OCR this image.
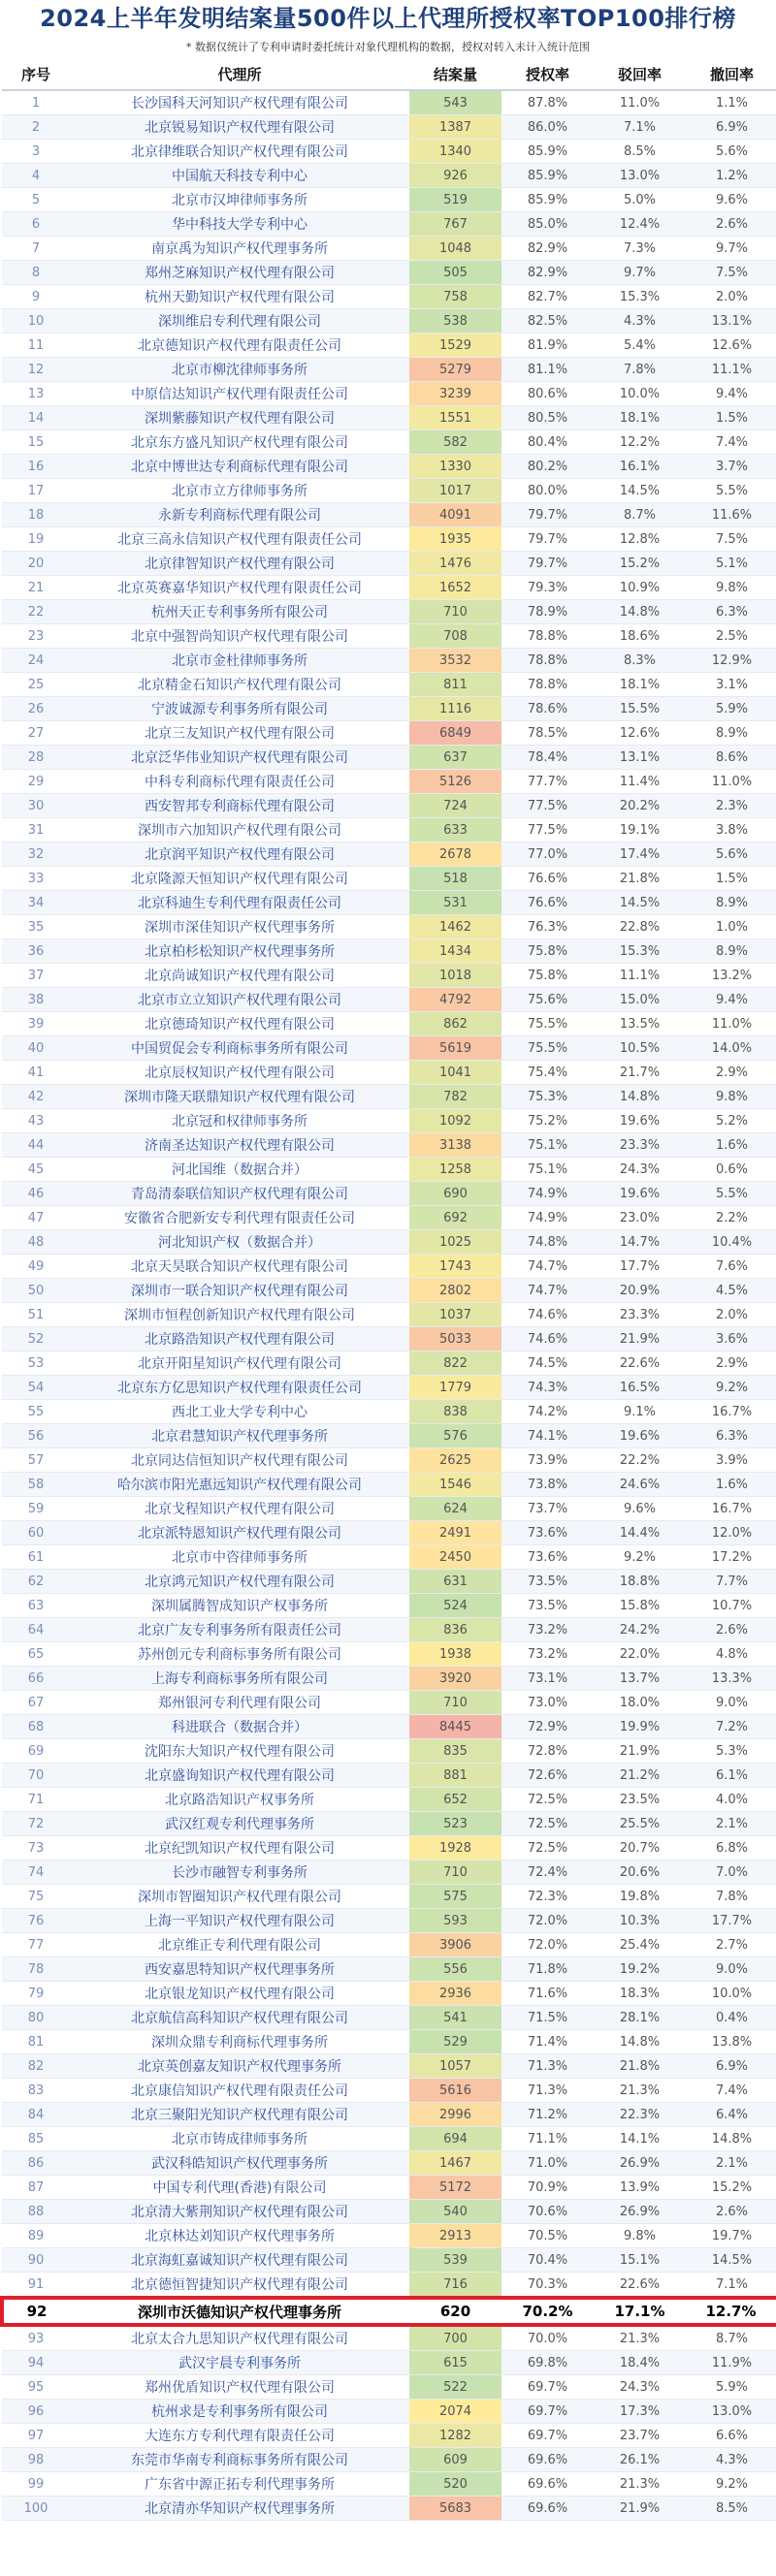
2024上半年发明结案量500件以上代理所授权率TOP100排行榜
* 数据仅统计了专利申请时委托统计对象代理机构的数据，授权对转入未计入统计范围
序号	代理所	结案量	授权率	驳回率	撤回率
1	长沙国科天河知识产权代理有限公司	543	87.8%	11.0%	1.1%
2	北京锐易知识产权代理有限公司	1387	86.0%	7.1%	6.9%
3	北京律维联合知识产权代理有限公司	1340	85.9%	8.5%	5.6%
4	中国航天科技专利中心	926	85.9%	13.0%	1.2%
5	北京市汉坤律师事务所	519	85.9%	5.0%	9.6%
6	华中科技大学专利中心	767	85.0%	12.4%	2.6%
7	南京禹为知识产权代理事务所	1048	82.9%	7.3%	9.7%
8	郑州芝麻知识产权代理有限公司	505	82.9%	9.7%	7.5%
9	杭州天勤知识产权代理有限公司	758	82.7%	15.3%	2.0%
10	深圳维启专利代理有限公司	538	82.5%	4.3%	13.1%
11	北京德知识产权代理有限责任公司	1529	81.9%	5.4%	12.6%
12	北京市柳沈律师事务所	5279	81.1%	7.8%	11.1%
13	中原信达知识产权代理有限责任公司	3239	80.6%	10.0%	9.4%
14	深圳紫藤知识产权代理有限公司	1551	80.5%	18.1%	1.5%
15	北京东方盛凡知识产权代理有限公司	582	80.4%	12.2%	7.4%
16	北京中博世达专利商标代理有限公司	1330	80.2%	16.1%	3.7%
17	北京市立方律师事务所	1017	80.0%	14.5%	5.5%
18	永新专利商标代理有限公司	4091	79.7%	8.7%	11.6%
19	北京三高永信知识产权代理有限责任公司	1935	79.7%	12.8%	7.5%
20	北京律智知识产权代理有限公司	1476	79.7%	15.2%	5.1%
21	北京英赛嘉华知识产权代理有限责任公司	1652	79.3%	10.9%	9.8%
22	杭州天正专利事务所有限公司	710	78.9%	14.8%	6.3%
23	北京中强智尚知识产权代理有限公司	708	78.8%	18.6%	2.5%
24	北京市金杜律师事务所	3532	78.8%	8.3%	12.9%
25	北京精金石知识产权代理有限公司	811	78.8%	18.1%	3.1%
26	宁波诚源专利事务所有限公司	1116	78.6%	15.5%	5.9%
27	北京三友知识产权代理有限公司	6849	78.5%	12.6%	8.9%
28	北京泛华伟业知识产权代理有限公司	637	78.4%	13.1%	8.6%
29	中科专利商标代理有限责任公司	5126	77.7%	11.4%	11.0%
30	西安智邦专利商标代理有限公司	724	77.5%	20.2%	2.3%
31	深圳市六加知识产权代理有限公司	633	77.5%	19.1%	3.8%
32	北京润平知识产权代理有限公司	2678	77.0%	17.4%	5.6%
33	北京隆源天恒知识产权代理有限公司	518	76.6%	21.8%	1.5%
34	北京科迪生专利代理有限责任公司	531	76.6%	14.5%	8.9%
35	深圳市深佳知识产权代理事务所	1462	76.3%	22.8%	1.0%
36	北京柏杉松知识产权代理事务所	1434	75.8%	15.3%	8.9%
37	北京尚诚知识产权代理有限公司	1018	75.8%	11.1%	13.2%
38	北京市立立知识产权代理有限公司	4792	75.6%	15.0%	9.4%
39	北京德琦知识产权代理有限公司	862	75.5%	13.5%	11.0%
40	中国贸促会专利商标事务所有限公司	5619	75.5%	10.5%	14.0%
41	北京辰权知识产权代理有限公司	1041	75.4%	21.7%	2.9%
42	深圳市隆天联鼎知识产权代理有限公司	782	75.3%	14.8%	9.8%
43	北京冠和权律师事务所	1092	75.2%	19.6%	5.2%
44	济南圣达知识产权代理有限公司	3138	75.1%	23.3%	1.6%
45	河北国维（数据合并）	1258	75.1%	24.3%	0.6%
46	青岛清泰联信知识产权代理有限公司	690	74.9%	19.6%	5.5%
47	安徽省合肥新安专利代理有限责任公司	692	74.9%	23.0%	2.2%
48	河北知识产权（数据合并）	1025	74.8%	14.7%	10.4%
49	北京天昊联合知识产权代理有限公司	1743	74.7%	17.7%	7.6%
50	深圳市一联合知识产权代理有限公司	2802	74.7%	20.9%	4.5%
51	深圳市恒程创新知识产权代理有限公司	1037	74.6%	23.3%	2.0%
52	北京路浩知识产权代理有限公司	5033	74.6%	21.9%	3.6%
53	北京开阳星知识产权代理有限公司	822	74.5%	22.6%	2.9%
54	北京东方亿思知识产权代理有限责任公司	1779	74.3%	16.5%	9.2%
55	西北工业大学专利中心	838	74.2%	9.1%	16.7%
56	北京君慧知识产权代理事务所	576	74.1%	19.6%	6.3%
57	北京同达信恒知识产权代理有限公司	2625	73.9%	22.2%	3.9%
58	哈尔滨市阳光惠远知识产权代理有限公司	1546	73.8%	24.6%	1.6%
59	北京戈程知识产权代理有限公司	624	73.7%	9.6%	16.7%
60	北京派特恩知识产权代理有限公司	2491	73.6%	14.4%	12.0%
61	北京市中咨律师事务所	2450	73.6%	9.2%	17.2%
62	北京鸿元知识产权代理有限公司	631	73.5%	18.8%	7.7%
63	深圳属腾智成知识产权事务所	524	73.5%	15.8%	10.7%
64	北京广友专利事务所有限责任公司	836	73.2%	24.2%	2.6%
65	苏州创元专利商标事务所有限公司	1938	73.2%	22.0%	4.8%
66	上海专利商标事务所有限公司	3920	73.1%	13.7%	13.3%
67	郑州银河专利代理有限公司	710	73.0%	18.0%	9.0%
68	科进联合（数据合并）	8445	72.9%	19.9%	7.2%
69	沈阳东大知识产权代理有限公司	835	72.8%	21.9%	5.3%
70	北京盛询知识产权代理有限公司	881	72.6%	21.2%	6.1%
71	北京路浩知识产权事务所	652	72.5%	23.5%	4.0%
72	武汉红观专利代理事务所	523	72.5%	25.5%	2.1%
73	北京纪凯知识产权代理有限公司	1928	72.5%	20.7%	6.8%
74	长沙市融智专利事务所	710	72.4%	20.6%	7.0%
75	深圳市智圈知识产权代理有限公司	575	72.3%	19.8%	7.8%
76	上海一平知识产权代理有限公司	593	72.0%	10.3%	17.7%
77	北京维正专利代理有限公司	3906	72.0%	25.4%	2.7%
78	西安嘉思特知识产权代理事务所	556	71.8%	19.2%	9.0%
79	北京银龙知识产权代理有限公司	2936	71.6%	18.3%	10.0%
80	北京航信高科知识产权代理有限公司	541	71.5%	28.1%	0.4%
81	深圳众鼎专利商标代理事务所	529	71.4%	14.8%	13.8%
82	北京英创嘉友知识产权代理事务所	1057	71.3%	21.8%	6.9%
83	北京康信知识产权代理有限责任公司	5616	71.3%	21.3%	7.4%
84	北京三聚阳光知识产权代理有限公司	2996	71.2%	22.3%	6.4%
85	北京市铸成律师事务所	694	71.1%	14.1%	14.8%
86	武汉科皓知识产权代理事务所	1467	71.0%	26.9%	2.1%
87	中国专利代理(香港)有限公司	5172	70.9%	13.9%	15.2%
88	北京清大紫荆知识产权代理有限公司	540	70.6%	26.9%	2.6%
89	北京林达刘知识产权代理事务所	2913	70.5%	9.8%	19.7%
90	北京海虹嘉诚知识产权代理有限公司	539	70.4%	15.1%	14.5%
91	北京德恒智捷知识产权代理有限公司	716	70.3%	22.6%	7.1%
92	深圳市沃德知识产权代理事务所	620	70.2%	17.1%	12.7%
93	北京太合九思知识产权代理有限公司	700	70.0%	21.3%	8.7%
94	武汉宇晨专利事务所	615	69.8%	18.4%	11.9%
95	郑州优盾知识产权代理有限公司	522	69.7%	24.3%	5.9%
96	杭州求是专利事务所有限公司	2074	69.7%	17.3%	13.0%
97	大连东方专利代理有限责任公司	1282	69.7%	23.7%	6.6%
98	东莞市华南专利商标事务所有限公司	609	69.6%	26.1%	4.3%
99	广东省中源正拓专利代理事务所	520	69.6%	21.3%	9.2%
100	北京清亦华知识产权代理事务所	5683	69.6%	21.9%	8.5%
